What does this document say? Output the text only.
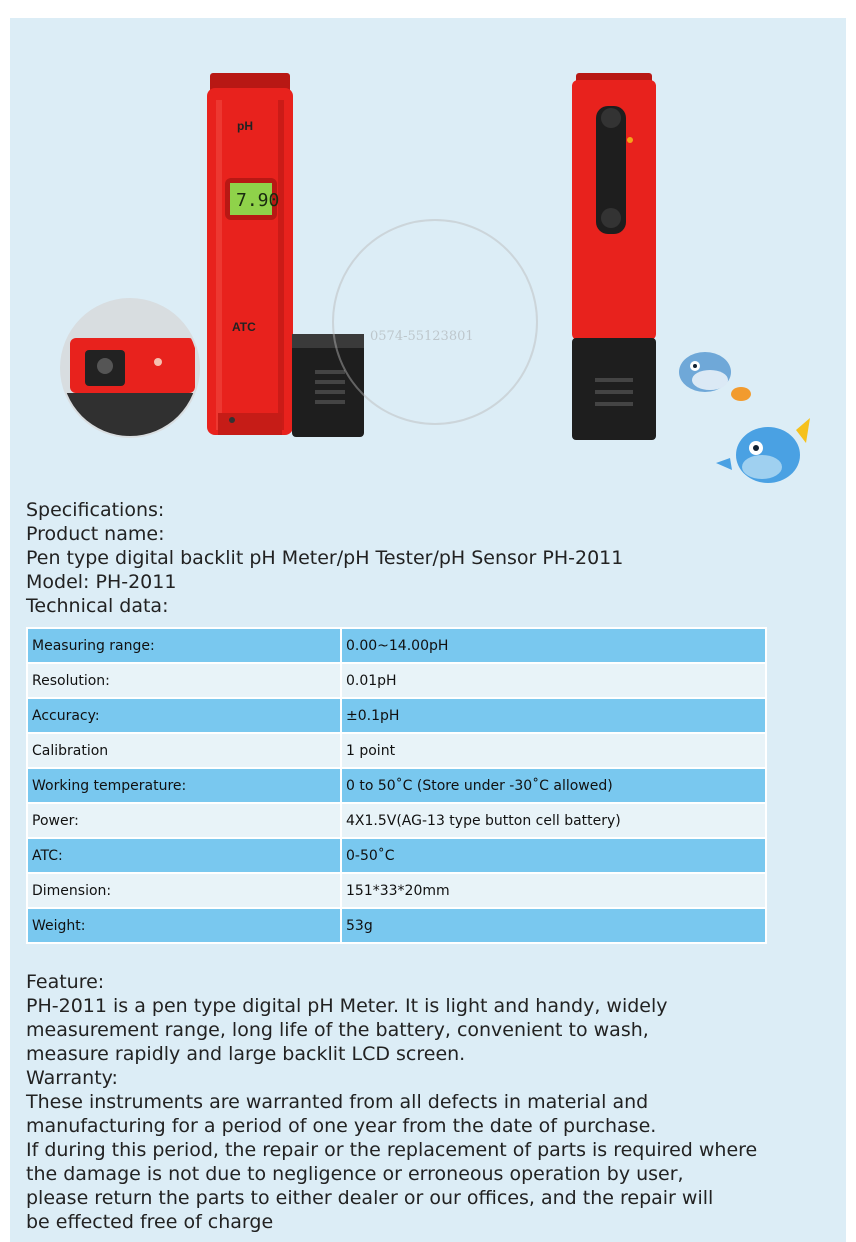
pH
7.90
ATC
0574-55123801
Specifications:
Product name:
Pen type digital backlit pH Meter/pH Tester/pH Sensor PH-2011
Model: PH-2011
Technical data:
Measuring range:	0.00~14.00pH
Resolution:	0.01pH
Accuracy:	±0.1pH
Calibration	1 point
Working temperature:	0 to 50˚C (Store under -30˚C allowed)
Power:	4X1.5V(AG-13 type button cell battery)
ATC:	0-50˚C
Dimension:	151*33*20mm
Weight:	53g
Feature:
PH-2011 is a pen type digital pH Meter. It is light and handy, widely
measurement range, long life of the battery, convenient to wash,
measure rapidly and large backlit LCD screen.
Warranty:
These instruments are warranted from all defects in material and
manufacturing for a period of one year from the date of purchase.
If during this period, the repair or the replacement of parts is required where
the damage is not due to negligence or erroneous operation by user,
please return the parts to either dealer or our offices, and the repair will
be effected free of charge
